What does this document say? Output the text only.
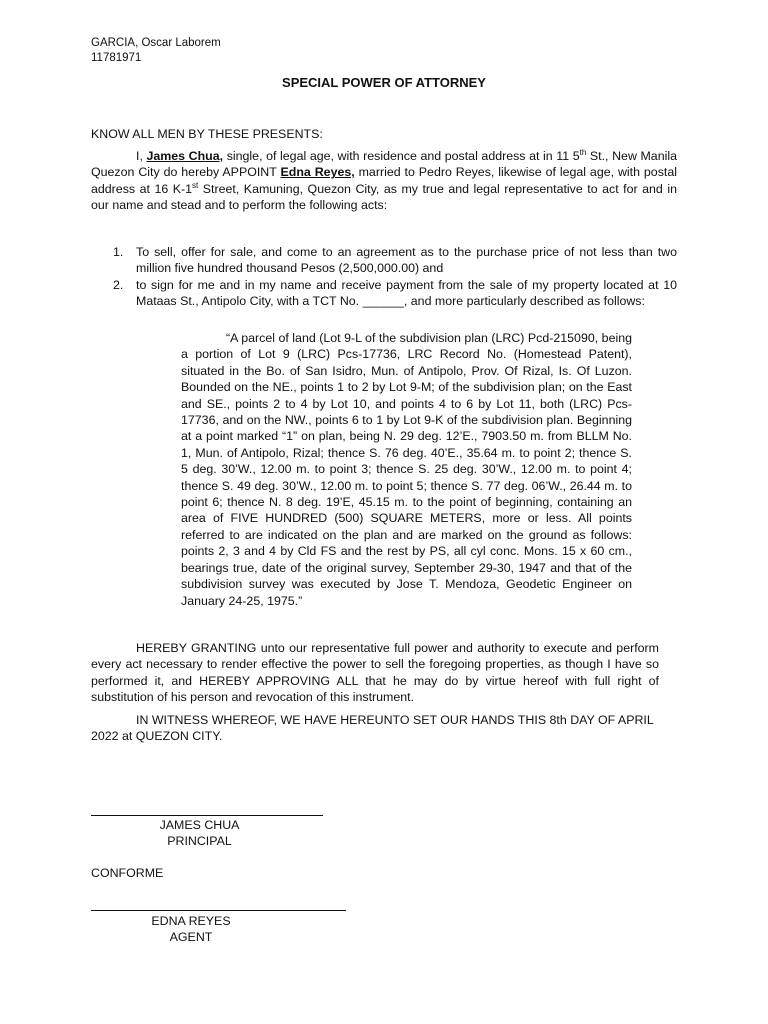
GARCIA, Oscar Laborem
11781971
SPECIAL POWER OF ATTORNEY
KNOW ALL MEN BY THESE PRESENTS:
I, James Chua, single, of legal age, with residence and postal address at in 11 5th St., New Manila Quezon City do hereby APPOINT Edna Reyes, married to Pedro Reyes, likewise of legal age, with postal address at 16 K-1st Street, Kamuning, Quezon City, as my true and legal representative to act for and in our name and stead and to perform the following acts:
1. To sell, offer for sale, and come to an agreement as to the purchase price of not less than two million five hundred thousand Pesos (2,500,000.00) and
2. to sign for me and in my name and receive payment from the sale of my property located at 10 Mataas St., Antipolo City, with a TCT No. ______, and more particularly described as follows:
“A parcel of land (Lot 9-L of the subdivision plan (LRC) Pcd-215090, being a portion of Lot 9 (LRC) Pcs-17736, LRC Record No. (Homestead Patent), situated in the Bo. of San Isidro, Mun. of Antipolo, Prov. Of Rizal, Is. Of Luzon. Bounded on the NE., points 1 to 2 by Lot 9-M; of the subdivision plan; on the East and SE., points 2 to 4 by Lot 10, and points 4 to 6 by Lot 11, both (LRC) Pcs-17736, and on the NW., points 6 to 1 by Lot 9-K of the subdivision plan. Beginning at a point marked “1” on plan, being N. 29 deg. 12’E., 7903.50 m. from BLLM No. 1, Mun. of Antipolo, Rizal; thence S. 76 deg. 40’E., 35.64 m. to point 2; thence S. 5 deg. 30’W., 12.00 m. to point 3; thence S. 25 deg. 30’W., 12.00 m. to point 4; thence S. 49 deg. 30’W., 12.00 m. to point 5; thence S. 77 deg. 06’W., 26.44 m. to point 6; thence N. 8 deg. 19’E, 45.15 m. to the point of beginning, containing an area of FIVE HUNDRED (500) SQUARE METERS, more or less. All points referred to are indicated on the plan and are marked on the ground as follows: points 2, 3 and 4 by Cld FS and the rest by PS, all cyl conc. Mons. 15 x 60 cm., bearings true, date of the original survey, September 29-30, 1947 and that of the subdivision survey was executed by Jose T. Mendoza, Geodetic Engineer on January 24-25, 1975.”
HEREBY GRANTING unto our representative full power and authority to execute and perform every act necessary to render effective the power to sell the foregoing properties, as though I have so performed it, and HEREBY APPROVING ALL that he may do by virtue hereof with full right of substitution of his person and revocation of this instrument.
IN WITNESS WHEREOF, WE HAVE HEREUNTO SET OUR HANDS THIS 8th DAY OF APRIL 2022 at QUEZON CITY.
JAMES CHUA
PRINCIPAL
CONFORME
EDNA REYES
AGENT
